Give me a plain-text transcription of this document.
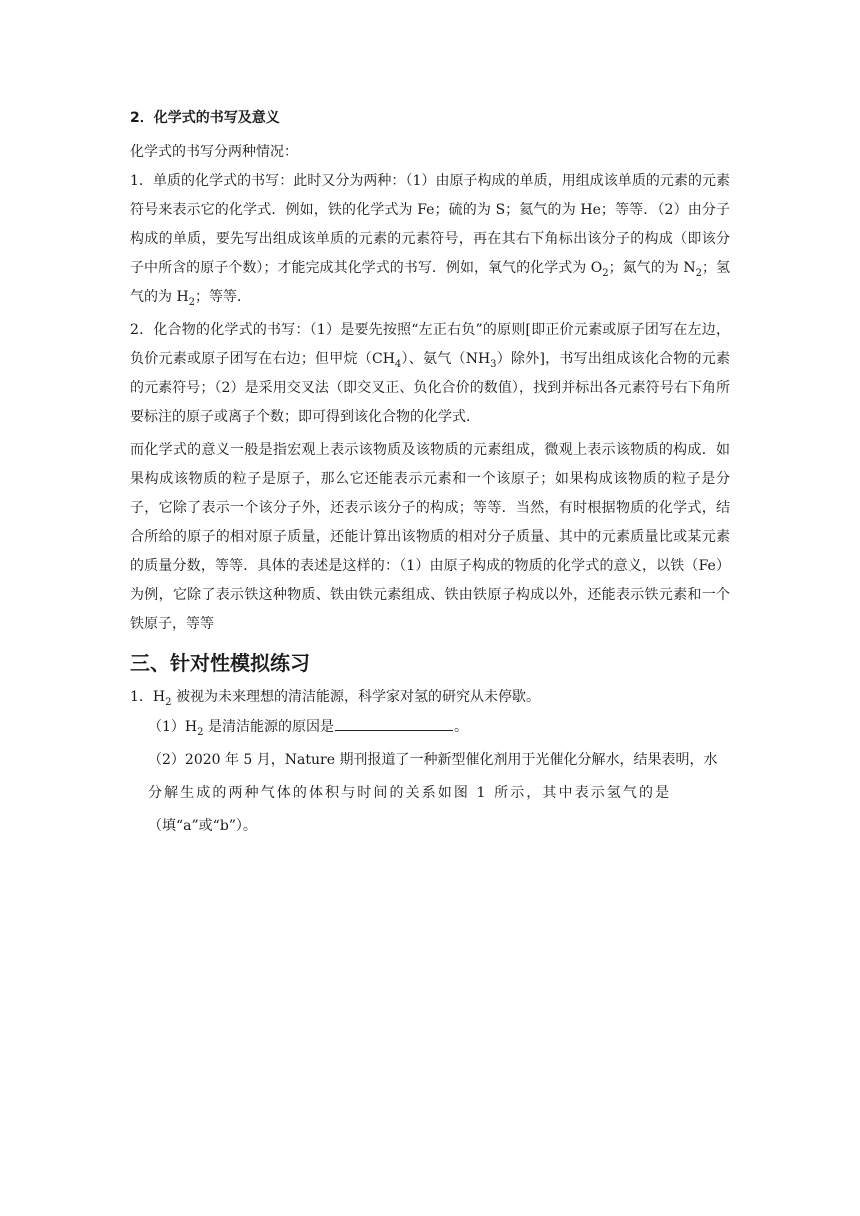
2．化学式的书写及意义
化学式的书写分两种情况：
1．单质的化学式的书写：此时又分为两种：（1）由原子构成的单质，用组成该单质的元素的元素符号来表示它的化学式．例如，铁的化学式为 Fe；硫的为 S；氦气的为 He；等等．（2）由分子构成的单质，要先写出组成该单质的元素的元素符号，再在其右下角标出该分子的构成（即该分子中所含的原子个数）；才能完成其化学式的书写．例如，氧气的化学式为 $O_2$；氮气的为 $N_2$；氢气的为 $H_2$；等等．
2．化合物的化学式的书写：（1）是要先按照“左正右负”的原则[即正价元素或原子团写在左边，负价元素或原子团写在右边；但甲烷$(CH_4)$、氨气$(NH_3)$除外]，书写出组成该化合物的元素的元素符号；（2）是采用交叉法（即交叉正、负化合价的数值），找到并标出各元素符号右下角所要标注的原子或离子个数；即可得到该化合物的化学式．
而化学式的意义一般是指宏观上表示该物质及该物质的元素组成，微观上表示该物质的构成．如果构成该物质的粒子是原子，那么它还能表示元素和一个该原子；如果构成该物质的粒子是分子，它除了表示一个该分子外，还表示该分子的构成；等等．当然，有时根据物质的化学式，结合所给的原子的相对原子质量，还能计算出该物质的相对分子质量、其中的元素质量比或某元素的质量分数，等等．具体的表述是这样的：（1）由原子构成的物质的化学式的意义，以铁（Fe）为例，它除了表示铁这种物质、铁由铁元素组成、铁由铁原子构成以外，还能表示铁元素和一个铁原子，等等
三、针对性模拟练习
1．$H_2$ 被视为未来理想的清洁能源，科学家对氢的研究从未停歇。
$(1)H_2$ 是清洁能源的原因是	。
（2）2020 年 5 月，Nature 期刊报道了一种新型催化剂用于光催化分解水，结果表明，水
分解生成的两种气体的体积与时间的关系如图 1 所示，其中表示氢气的是
（填“a”或“b”）。
